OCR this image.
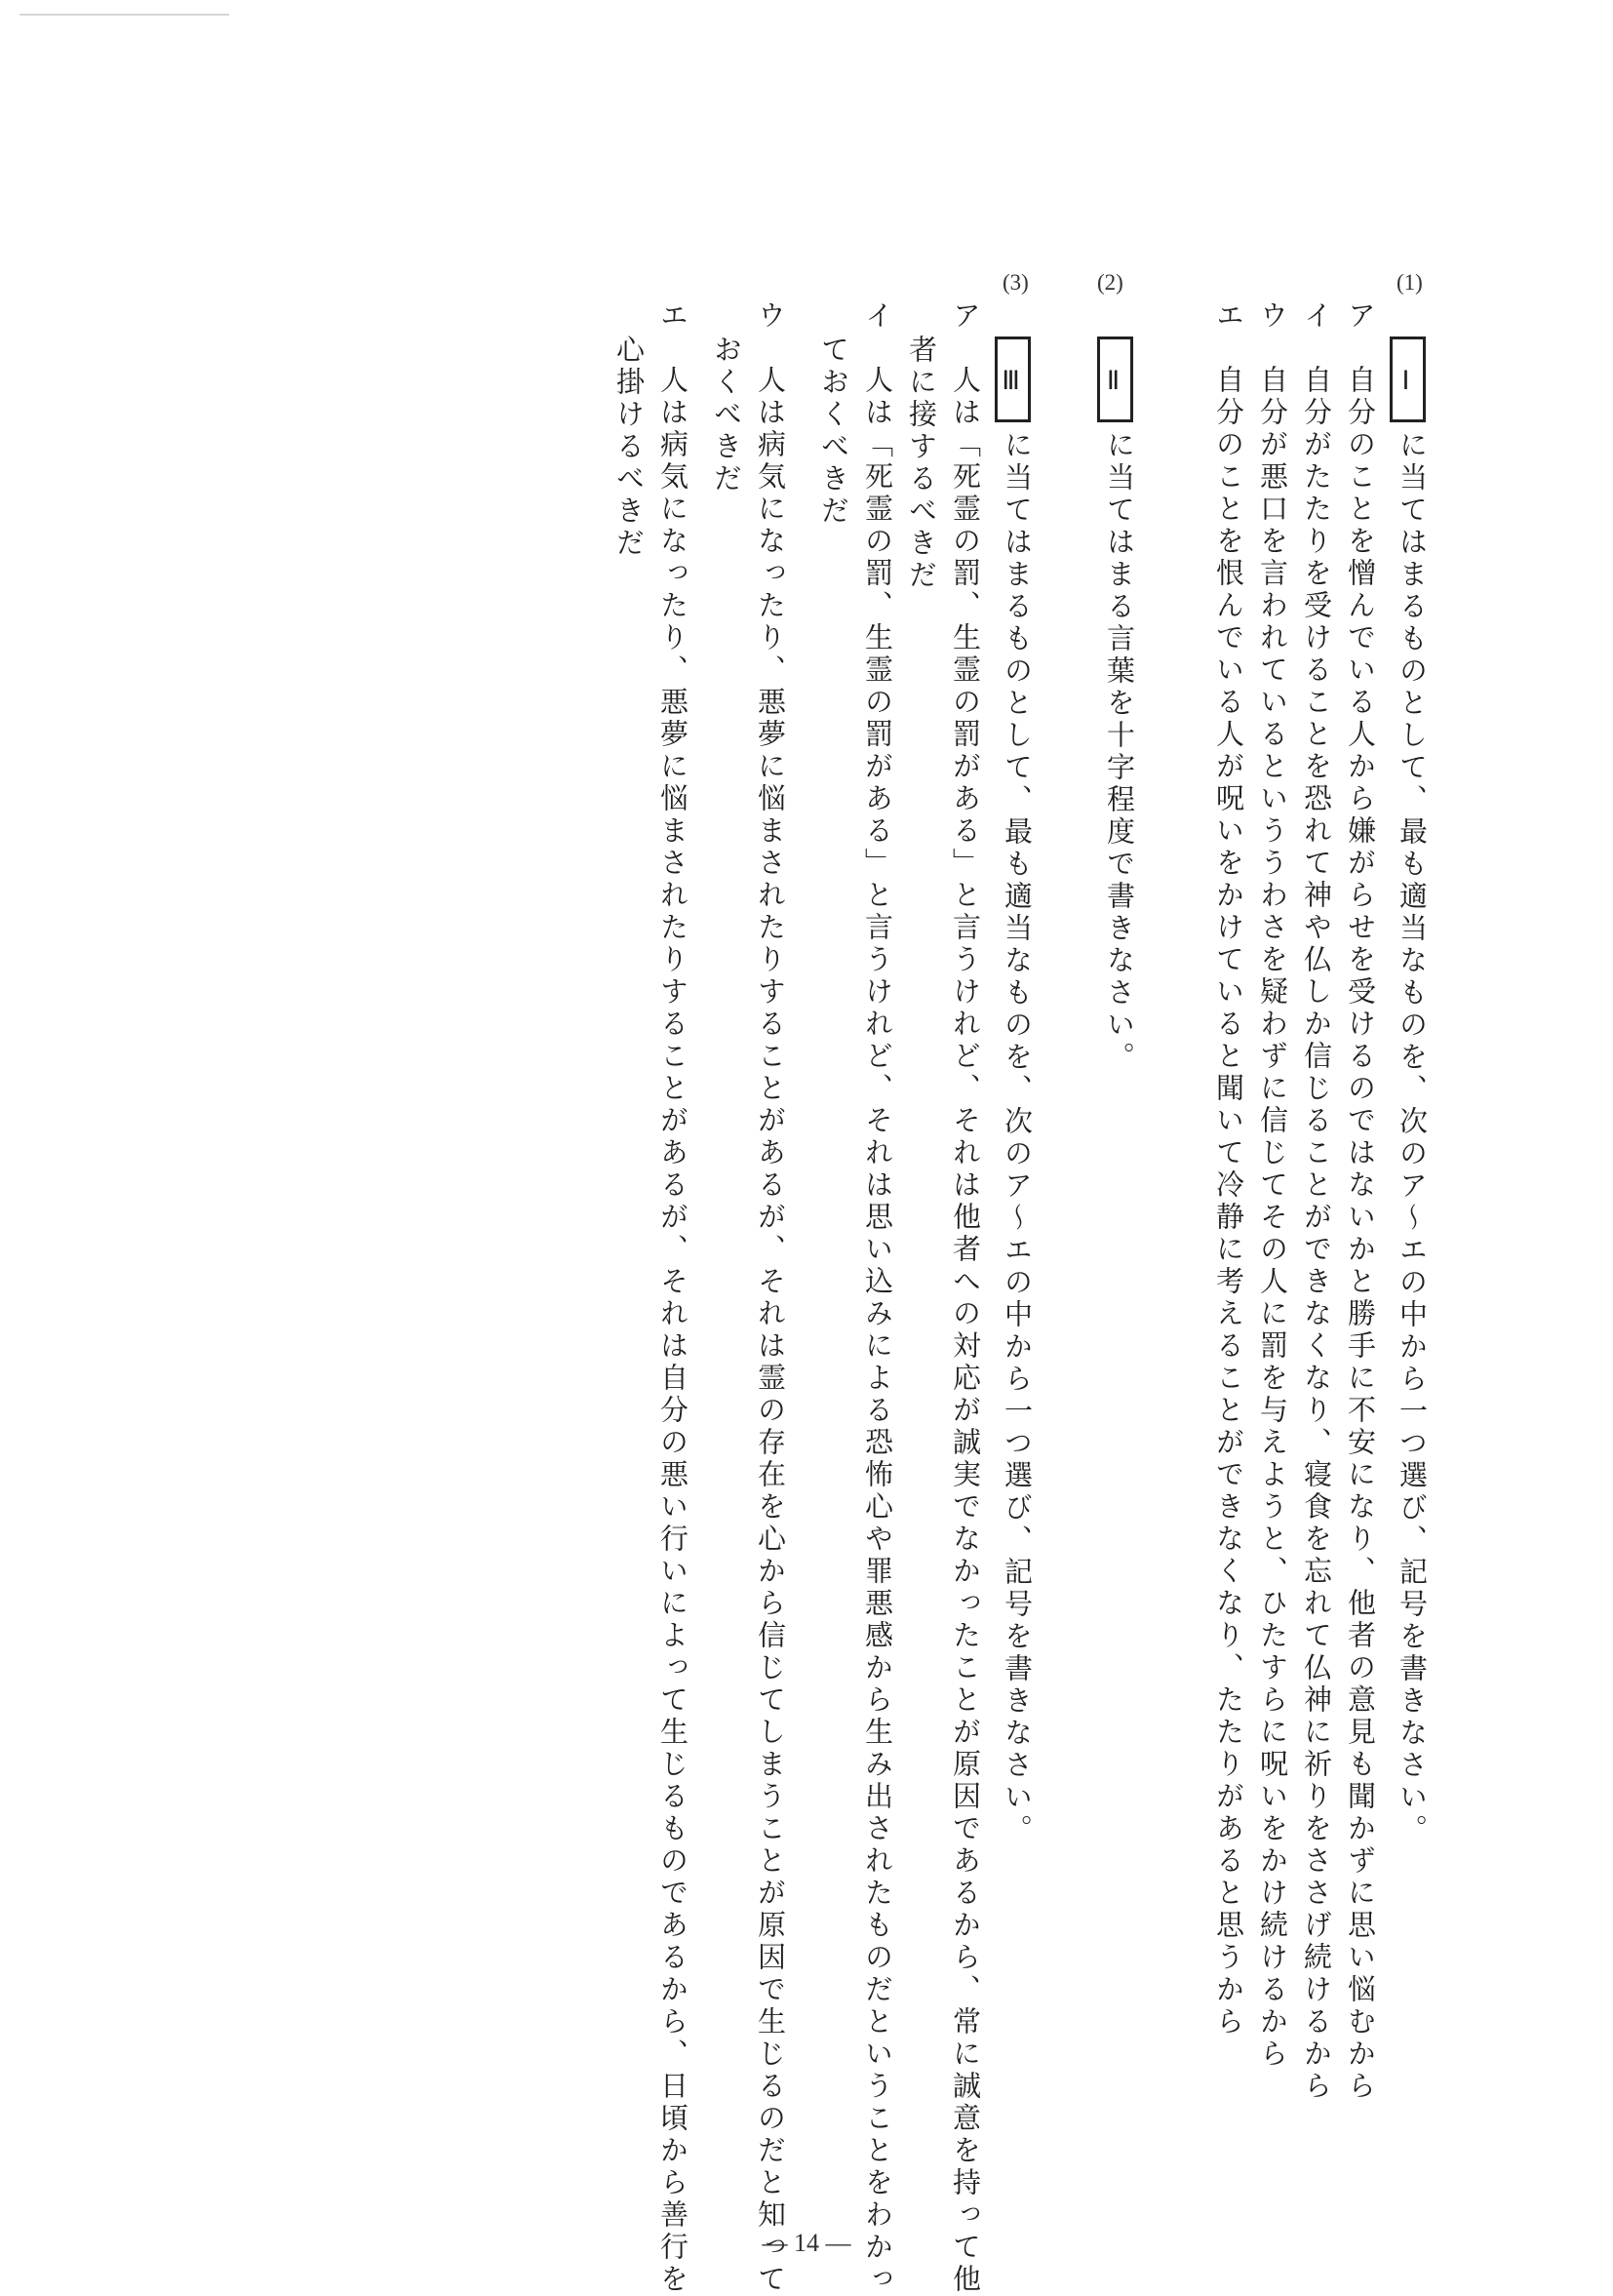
(1)
Ⅰに当てはまるものとして、最も適当なものを、次のア～エの中から一つ選び、記号を書きなさい。
ア　自分のことを憎んでいる人から嫌がらせを受けるのではないかと勝手に不安になり、他者の意見も聞かずに思い悩むから
イ　自分がたたりを受けることを恐れて神や仏しか信じることができなくなり、寝食を忘れて仏神に祈りをささげ続けるから
ウ　自分が悪口を言われているといううわさを疑わずに信じてその人に罰を与えようと、ひたすらに呪いをかけ続けるから
エ　自分のことを恨んでいる人が呪いをかけていると聞いて冷静に考えることができなくなり、たたりがあると思うから
(2)
Ⅱに当てはまる言葉を十字程度で書きなさい。
(3)
Ⅲに当てはまるものとして、最も適当なものを、次のア～エの中から一つ選び、記号を書きなさい。
ア　人は「死霊の罰、生霊の罰がある」と言うけれど、それは他者への対応が誠実でなかったことが原因であるから、常に誠意を持って他
者に接するべきだ
イ　人は「死霊の罰、生霊の罰がある」と言うけれど、それは思い込みによる恐怖心や罪悪感から生み出されたものだということをわかっ
ておくべきだ
ウ　人は病気になったり、悪夢に悩まされたりすることがあるが、それは霊の存在を心から信じてしまうことが原因で生じるのだと知って
おくべきだ
エ　人は病気になったり、悪夢に悩まされたりすることがあるが、それは自分の悪い行いによって生じるものであるから、日頃から善行を
心掛けるべきだ
― 14 ―
